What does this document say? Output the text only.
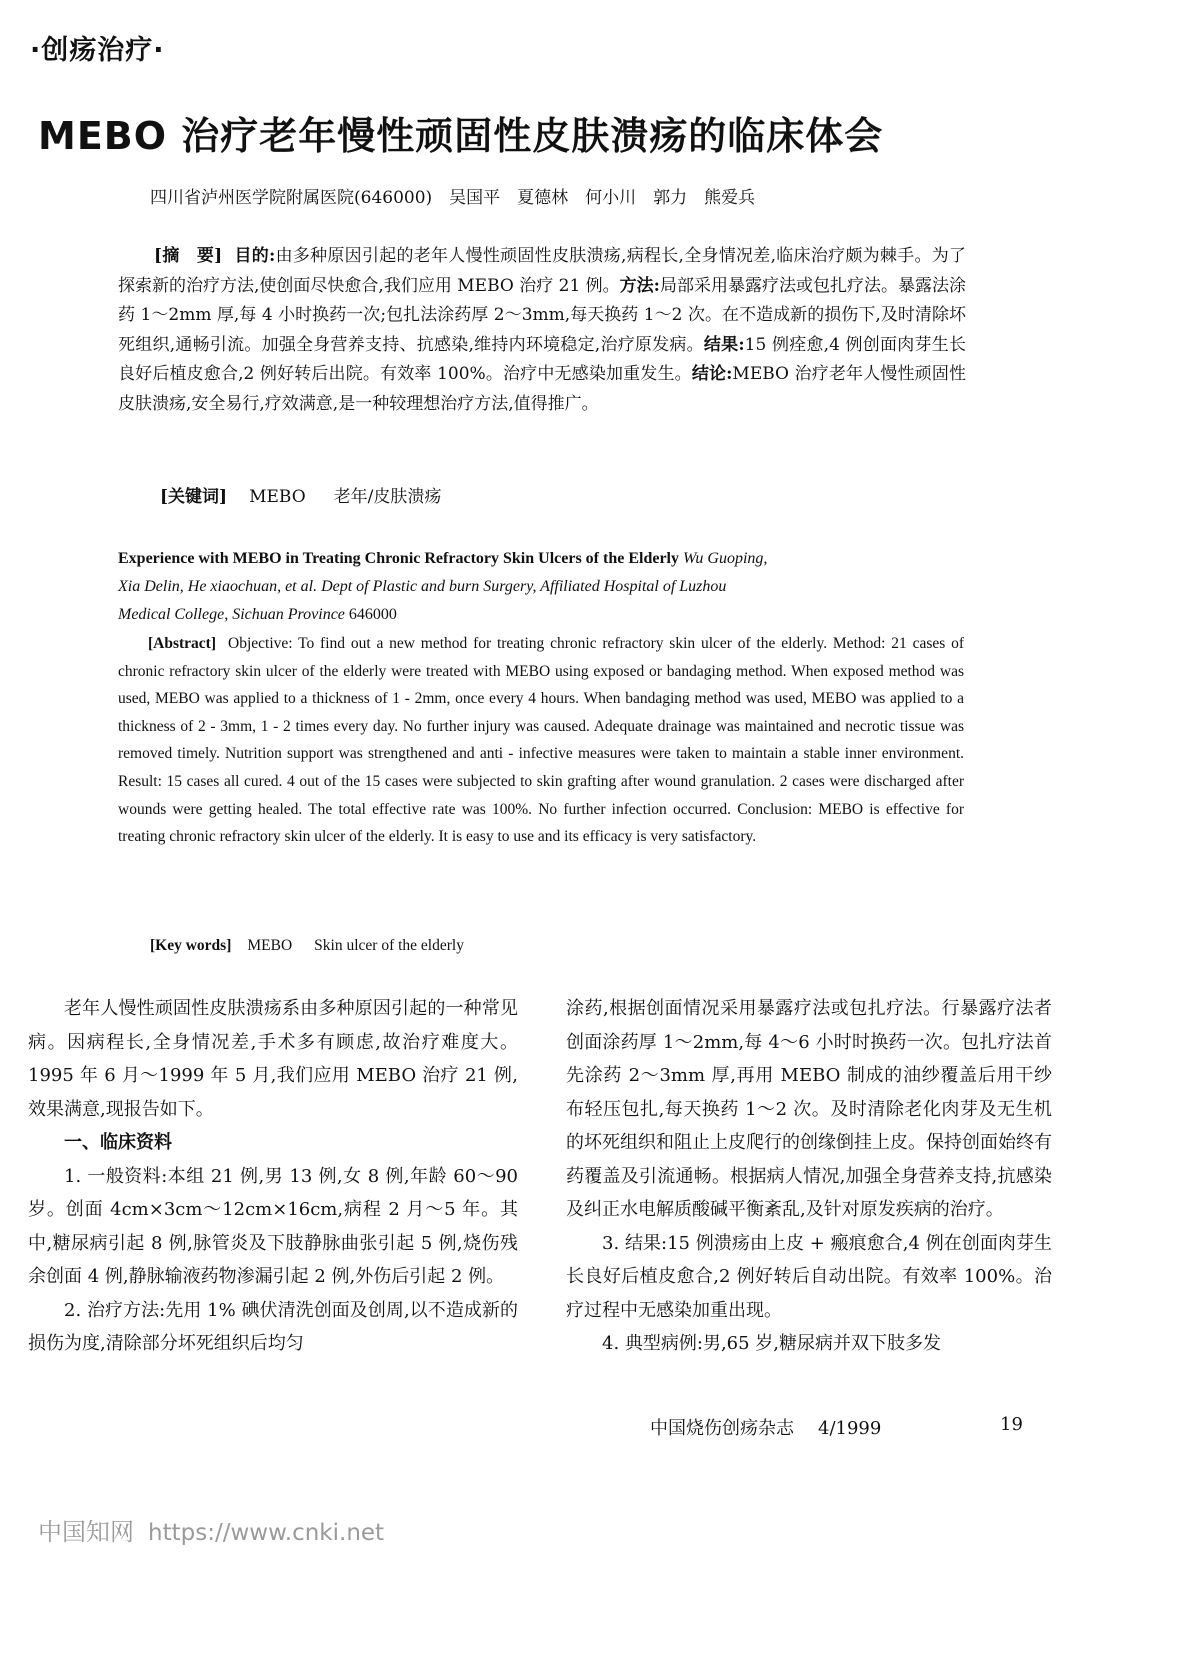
·创疡治疗·
MEBO 治疗老年慢性顽固性皮肤溃疡的临床体会
四川省泸州医学院附属医院(646000)　吴国平　夏德林　何小川　郭力　熊爱兵
[摘　要] 目的:由多种原因引起的老年人慢性顽固性皮肤溃疡,病程长,全身情况差,临床治疗颇为棘手。为了探索新的治疗方法,使创面尽快愈合,我们应用 MEBO 治疗 21 例。方法:局部采用暴露疗法或包扎疗法。暴露法涂药 1～2mm 厚,每 4 小时换药一次;包扎法涂药厚 2～3mm,每天换药 1～2 次。在不造成新的损伤下,及时清除坏死组织,通畅引流。加强全身营养支持、抗感染,维持内环境稳定,治疗原发病。结果:15 例痊愈,4 例创面肉芽生长良好后植皮愈合,2 例好转后出院。有效率 100%。治疗中无感染加重发生。结论:MEBO 治疗老年人慢性顽固性皮肤溃疡,安全易行,疗效满意,是一种较理想治疗方法,值得推广。
[关键词] MEBO 老年/皮肤溃疡
Experience with MEBO in Treating Chronic Refractory Skin Ulcers of the Elderly Wu Guoping,
Xia Delin, He xiaochuan, et al. Dept of Plastic and burn Surgery, Affiliated Hospital of Luzhou
Medical College, Sichuan Province 646000
[Abstract] Objective: To find out a new method for treating chronic refractory skin ulcer of the elderly. Method: 21 cases of chronic refractory skin ulcer of the elderly were treated with MEBO using exposed or bandaging method. When exposed method was used, MEBO was applied to a thickness of 1 - 2mm, once every 4 hours. When bandaging method was used, MEBO was applied to a thickness of 2 - 3mm, 1 - 2 times every day. No further injury was caused. Adequate drainage was maintained and necrotic tissue was removed timely. Nutrition support was strengthened and anti - infective measures were taken to maintain a stable inner environment. Result: 15 cases all cured. 4 out of the 15 cases were subjected to skin grafting after wound granulation. 2 cases were discharged after wounds were getting healed. The total effective rate was 100%. No further infection occurred. Conclusion: MEBO is effective for treating chronic refractory skin ulcer of the elderly. It is easy to use and its efficacy is very satisfactory.
[Key words] MEBO Skin ulcer of the elderly

老年人慢性顽固性皮肤溃疡系由多种原因引起的一种常见病。因病程长,全身情况差,手术多有顾虑,故治疗难度大。1995 年 6 月～1999 年 5 月,我们应用 MEBO 治疗 21 例,效果满意,现报告如下。

一、临床资料

1. 一般资料:本组 21 例,男 13 例,女 8 例,年龄 60～90 岁。创面 4cm×3cm～12cm×16cm,病程 2 月～5 年。其中,糖尿病引起 8 例,脉管炎及下肢静脉曲张引起 5 例,烧伤残余创面 4 例,静脉输液药物渗漏引起 2 例,外伤后引起 2 例。

2. 治疗方法:先用 1% 碘伏清洗创面及创周,以不造成新的损伤为度,清除部分坏死组织后均匀

涂药,根据创面情况采用暴露疗法或包扎疗法。行暴露疗法者创面涂药厚 1～2mm,每 4～6 小时时换药一次。包扎疗法首先涂药 2～3mm 厚,再用 MEBO 制成的油纱覆盖后用干纱布轻压包扎,每天换药 1～2 次。及时清除老化肉芽及无生机的坏死组织和阻止上皮爬行的创缘倒挂上皮。保持创面始终有药覆盖及引流通畅。根据病人情况,加强全身营养支持,抗感染及纠正水电解质酸碱平衡紊乱,及针对原发疾病的治疗。

3. 结果:15 例溃疡由上皮 + 瘢痕愈合,4 例在创面肉芽生长良好后植皮愈合,2 例好转后自动出院。有效率 100%。治疗过程中无感染加重出现。

4. 典型病例:男,65 岁,糖尿病并双下肢多发

中国烧伤创疡杂志 4/1999	19
中国知网 https://www.cnki.net
